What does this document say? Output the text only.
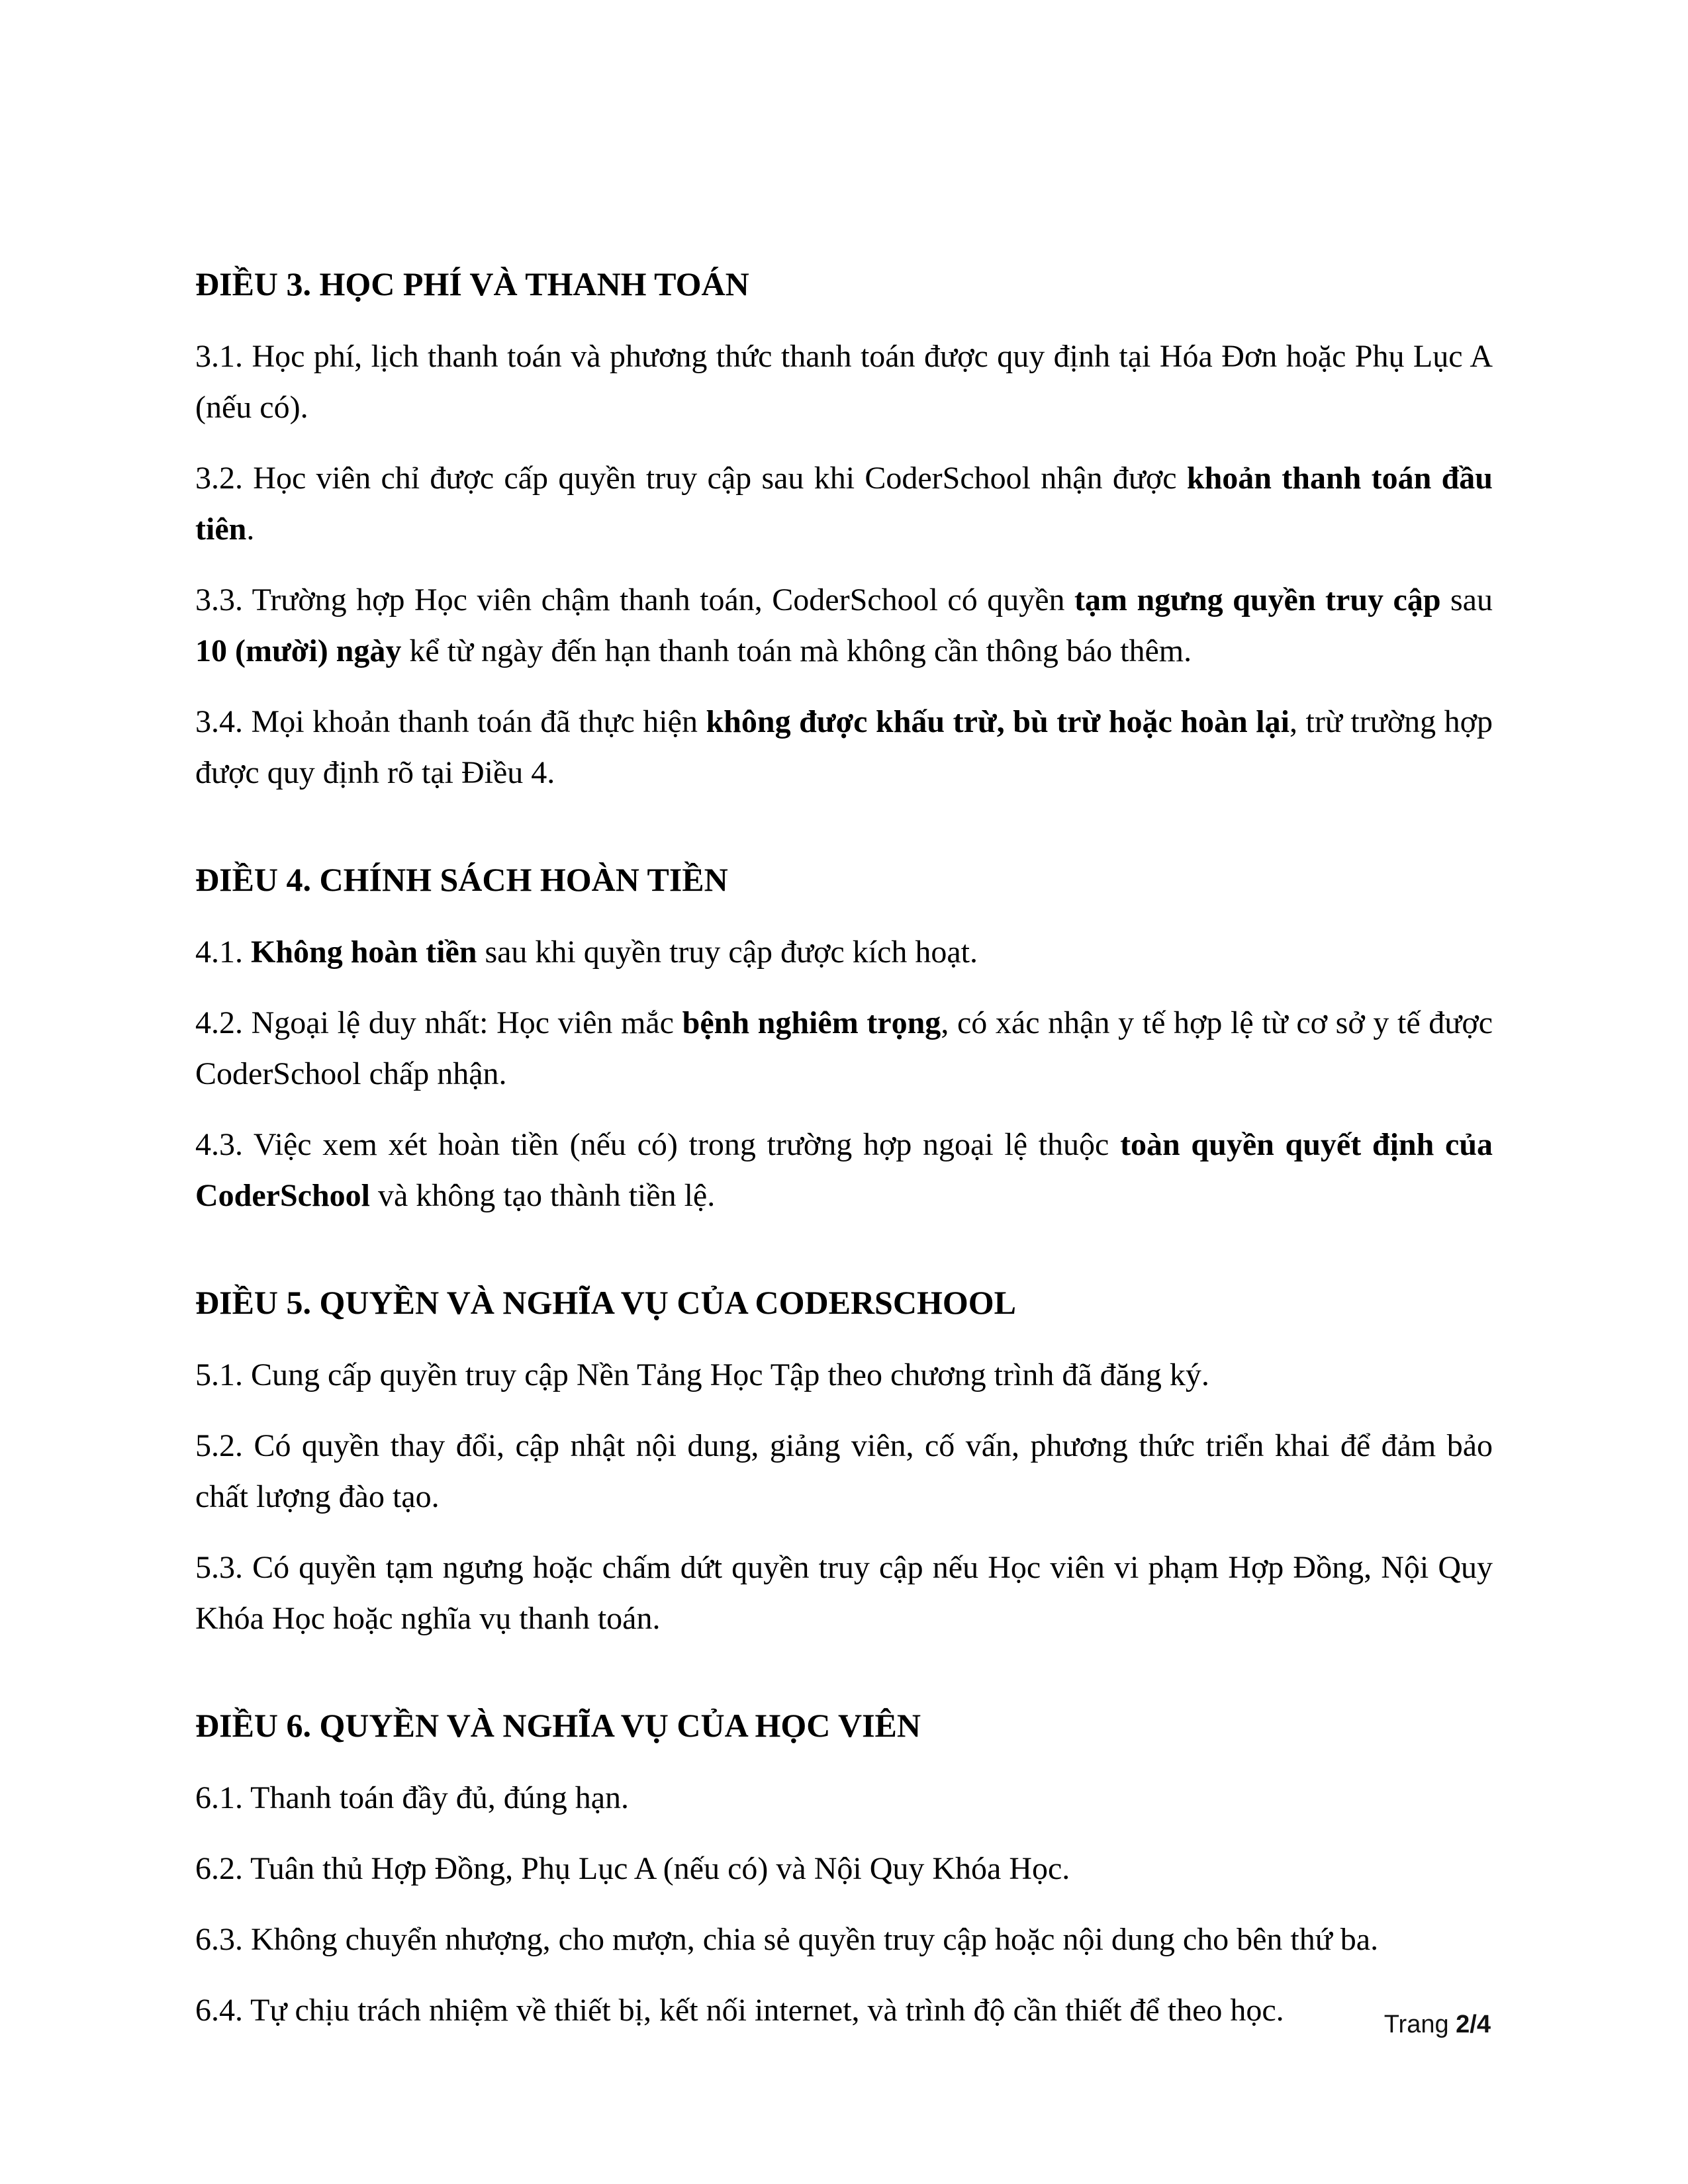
ĐIỀU 3. HỌC PHÍ VÀ THANH TOÁN

3.1. Học phí, lịch thanh toán và phương thức thanh toán được quy định tại Hóa Đơn hoặc Phụ Lục A (nếu có).

3.2. Học viên chỉ được cấp quyền truy cập sau khi CoderSchool nhận được khoản thanh toán đầu tiên.

3.3. Trường hợp Học viên chậm thanh toán, CoderSchool có quyền tạm ngưng quyền truy cập sau 10 (mười) ngày kể từ ngày đến hạn thanh toán mà không cần thông báo thêm.

3.4. Mọi khoản thanh toán đã thực hiện không được khấu trừ, bù trừ hoặc hoàn lại, trừ trường hợp được quy định rõ tại Điều 4.

ĐIỀU 4. CHÍNH SÁCH HOÀN TIỀN

4.1. Không hoàn tiền sau khi quyền truy cập được kích hoạt.

4.2. Ngoại lệ duy nhất: Học viên mắc bệnh nghiêm trọng, có xác nhận y tế hợp lệ từ cơ sở y tế được CoderSchool chấp nhận.

4.3. Việc xem xét hoàn tiền (nếu có) trong trường hợp ngoại lệ thuộc toàn quyền quyết định của CoderSchool và không tạo thành tiền lệ.

ĐIỀU 5. QUYỀN VÀ NGHĨA VỤ CỦA CODERSCHOOL

5.1. Cung cấp quyền truy cập Nền Tảng Học Tập theo chương trình đã đăng ký.

5.2. Có quyền thay đổi, cập nhật nội dung, giảng viên, cố vấn, phương thức triển khai để đảm bảo chất lượng đào tạo.

5.3. Có quyền tạm ngưng hoặc chấm dứt quyền truy cập nếu Học viên vi phạm Hợp Đồng, Nội Quy Khóa Học hoặc nghĩa vụ thanh toán.

ĐIỀU 6. QUYỀN VÀ NGHĨA VỤ CỦA HỌC VIÊN

6.1. Thanh toán đầy đủ, đúng hạn.

6.2. Tuân thủ Hợp Đồng, Phụ Lục A (nếu có) và Nội Quy Khóa Học.

6.3. Không chuyển nhượng, cho mượn, chia sẻ quyền truy cập hoặc nội dung cho bên thứ ba.

6.4. Tự chịu trách nhiệm về thiết bị, kết nối internet, và trình độ cần thiết để theo học.	Trang 2/4
